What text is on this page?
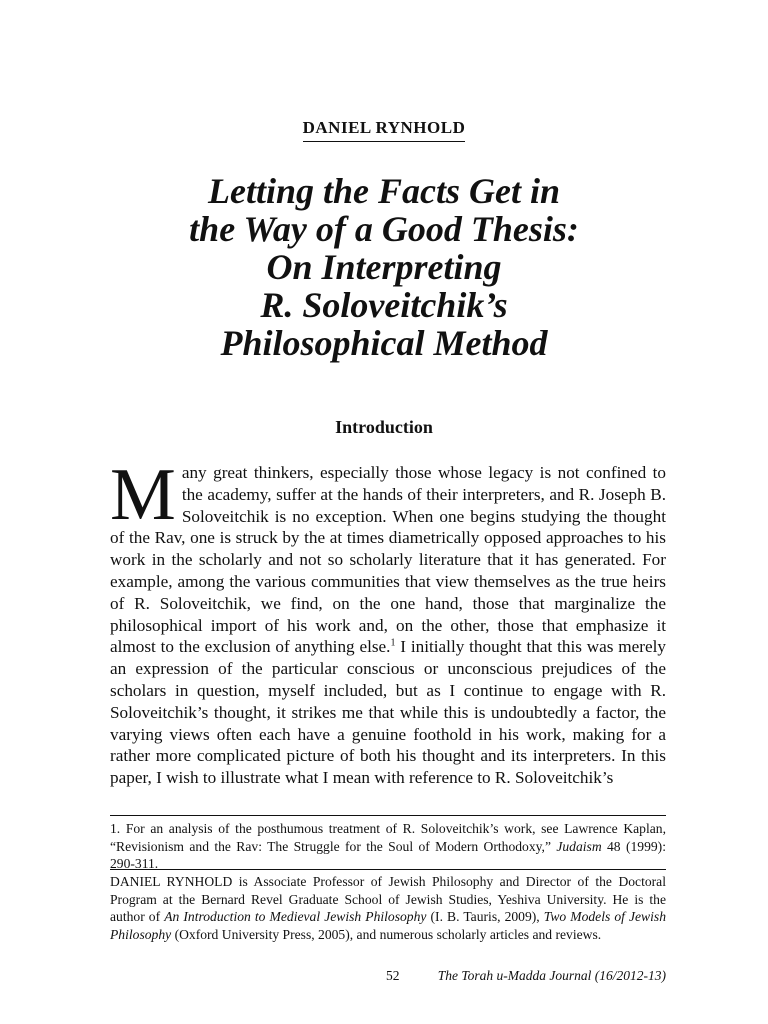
DANIEL RYNHOLD
Letting the Facts Get in
the Way of a Good Thesis:
On Interpreting
R. Soloveitchik’s
Philosophical Method
Introduction
Many great thinkers, especially those whose legacy is not confined to the academy, suffer at the hands of their interpreters, and R. Joseph B. Soloveitchik is no exception. When one begins studying the thought of the Rav, one is struck by the at times diametrically opposed approaches to his work in the scholarly and not so scholarly literature that it has generated. For example, among the various communities that view themselves as the true heirs of R. Soloveitchik, we find, on the one hand, those that marginalize the philosophical import of his work and, on the other, those that emphasize it almost to the exclusion of anything else.$^1$ I initially thought that this was merely an expression of the particular conscious or unconscious prejudices of the scholars in question, myself included, but as I continue to engage with R. Soloveitchik’s thought, it strikes me that while this is undoubtedly a factor, the varying views often each have a genuine foothold in his work, making for a rather more complicated picture of both his thought and its interpreters. In this paper, I wish to illustrate what I mean with reference to R. Soloveitchik’s
1. For an analysis of the posthumous treatment of R. Soloveitchik’s work, see Lawrence Kaplan, “Revisionism and the Rav: The Struggle for the Soul of Modern Orthodoxy,” Judaism 48 (1999): 290-311.
DANIEL RYNHOLD is Associate Professor of Jewish Philosophy and Director of the Doctoral Program at the Bernard Revel Graduate School of Jewish Studies, Yeshiva University. He is the author of An Introduction to Medieval Jewish Philosophy (I. B. Tauris, 2009), Two Models of Jewish Philosophy (Oxford University Press, 2005), and numerous scholarly articles and reviews.
52	The Torah u-Madda Journal (16/2012-13)
